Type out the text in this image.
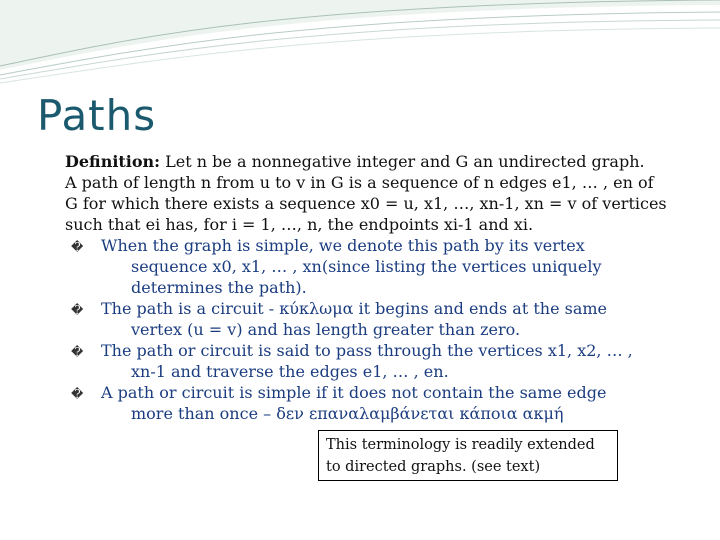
Paths
Definition: Let n be a nonnegative integer and G an undirected graph.
A path of length n from u to v in G is a sequence of n edges e1, … , en of
G for which there exists a sequence x0 = u, x1, …, xn-1, xn = v of vertices
such that ei has, for i = 1, …, n, the endpoints xi-1 and xi.
� When the graph is simple, we denote this path by its vertex
sequence x0, x1, … , xn(since listing the vertices uniquely
determines the path).
� The path is a circuit - κύκλωμα it begins and ends at the same
vertex (u = v) and has length greater than zero.
� The path or circuit is said to pass through the vertices x1, x2, … ,
xn-1 and traverse the edges e1, … , en.
� A path or circuit is simple if it does not contain the same edge
more than once – δεν επαναλαμβάνεται κάποια ακμή
This terminology is readily extended
to directed graphs. (see text)
